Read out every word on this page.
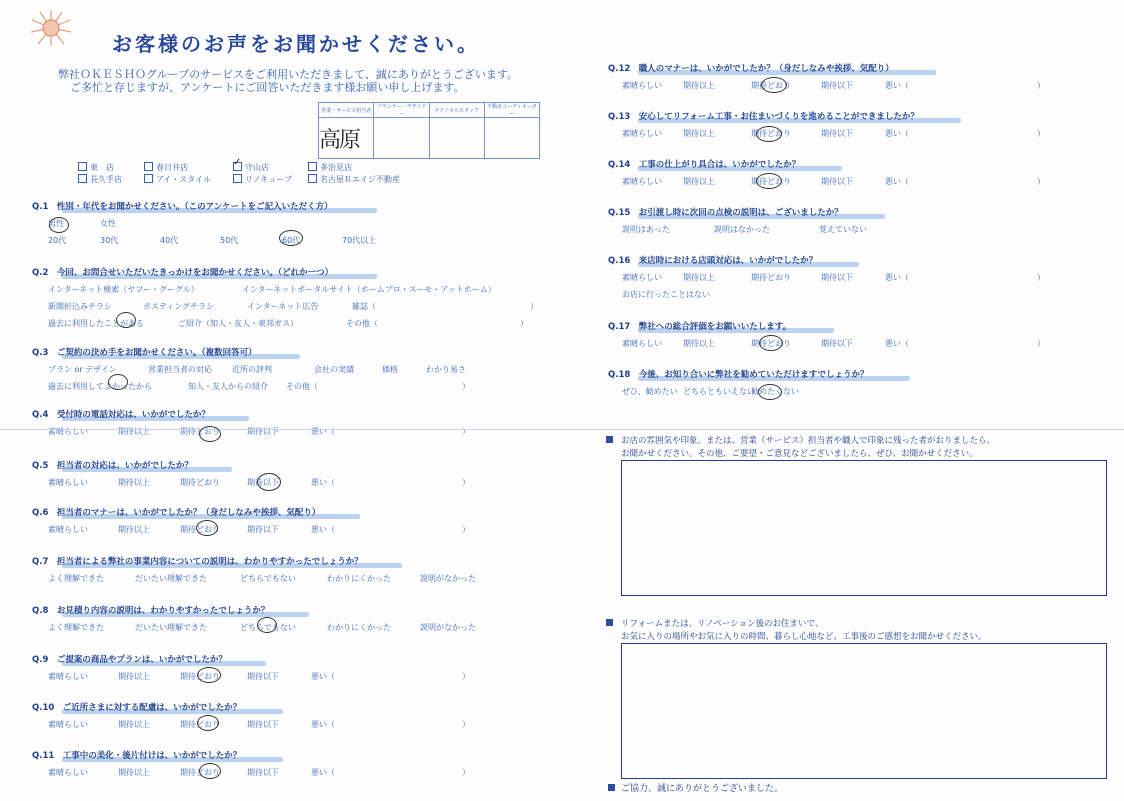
お客様のお声をお聞かせください。
弊社ＯＫＥＳＨＯグループのサービスをご利用いただきまして、誠にありがとうございます。
ご多忙と存じますが、アンケートにご回答いただきます様お願い申し上げます。
営業・サービス担当者	プランナー・デザイナー	テクニカルスタッフ	不動産コーディネーター
高原			
東　店	春日井店	✓ 守山店	多治見店
長久手店	アイ・スタイル	リノキューブ	名古屋Ｒエイジ不動産
Q.1　性別・年代をお聞かせください。（このアンケートをご記入いただく方）
男性	女性
20代	30代	40代	50代	60代	70代以上
Q.2　今回、お問合せいただいたきっかけをお聞かせください。（どれか一つ）
インターネット検索（ヤフー・グーグル）	インターネットポータルサイト（ホームプロ・スーモ・アットホーム）
新聞折込みチラシ	ポスティングチラシ	インターネット広告	雑誌（	）
過去に利用したことがある	ご紹介（知人・友人・東邦ガス）	その他（	）
Q.3　ご契約の決め手をお聞かせください。（複数回答可）
プラン or デザイン	営業担当者の対応	近所の評判	会社の実績	価格	わかり易さ
過去に利用してよかったから	知人・友人からの紹介 その他（	）
Q.4　受付時の電話対応は、いかがでしたか？
素晴らしい	期待以上	期待どおり	期待以下	悪い（	）
Q.5　担当者の対応は、いかがでしたか？
素晴らしい	期待以上	期待どおり	期待以下	悪い（	）
Q.6　担当者のマナーは、いかがでしたか？（身だしなみや挨拶、気配り）
素晴らしい	期待以上	期待どおり	期待以下	悪い（	）
Q.7　担当者による弊社の事業内容についての説明は、わかりやすかったでしょうか？
よく理解できた	だいたい理解できた	どちらでもない	わかりにくかった	説明がなかった
Q.8　お見積り内容の説明は、わかりやすかったでしょうか？
よく理解できた	だいたい理解できた	どちらでもない	わかりにくかった	説明がなかった
Q.9　ご提案の商品やプランは、いかがでしたか？
素晴らしい	期待以上	期待どおり	期待以下	悪い（	）
Q.10　ご近所さまに対する配慮は、いかがでしたか？
素晴らしい	期待以上	期待どおり	期待以下	悪い（	）
Q.11　工事中の美化・後片付けは、いかがでしたか？
素晴らしい	期待以上	期待どおり	期待以下	悪い（	）
Q.12　職人のマナーは、いかがでしたか？（身だしなみや挨拶、気配り）
素晴らしい	期待以上	期待どおり	期待以下	悪い（	）
Q.13　安心してリフォーム工事・お住まいづくりを進めることができましたか？
素晴らしい	期待以上	期待どおり	期待以下	悪い（	）
Q.14　工事の仕上がり具合は、いかがでしたか？
素晴らしい	期待以上	期待どおり	期待以下	悪い（	）
Q.15　お引渡し時に次回の点検の説明は、ございましたか？
説明はあった	説明はなかった	覚えていない
Q.16　来店時における店頭対応は、いかがでしたか？
素晴らしい	期待以上	期待どおり	期待以下	悪い（	）
お店に行ったことはない
Q.17　弊社への総合評価をお願いいたします。
素晴らしい	期待以上	期待どおり	期待以下	悪い（	）
Q.18　今後、お知り合いに弊社を勧めていただけますでしょうか？
ぜひ、勧めたい どちらともいえない
勧めたくない
お店の雰囲気や印象。または、営業（サービス）担当者や職人で印象に残った者がおりましたら、
お聞かせください。その他、ご要望・ご意見などございましたら、ぜひ、お聞かせください。
リフォームまたは、リノベーション後のお住まいで、
お気に入りの場所やお気に入りの時間、暮らし心地など、工事後のご感想をお聞かせください。
ご協力、誠にありがとうございました。
